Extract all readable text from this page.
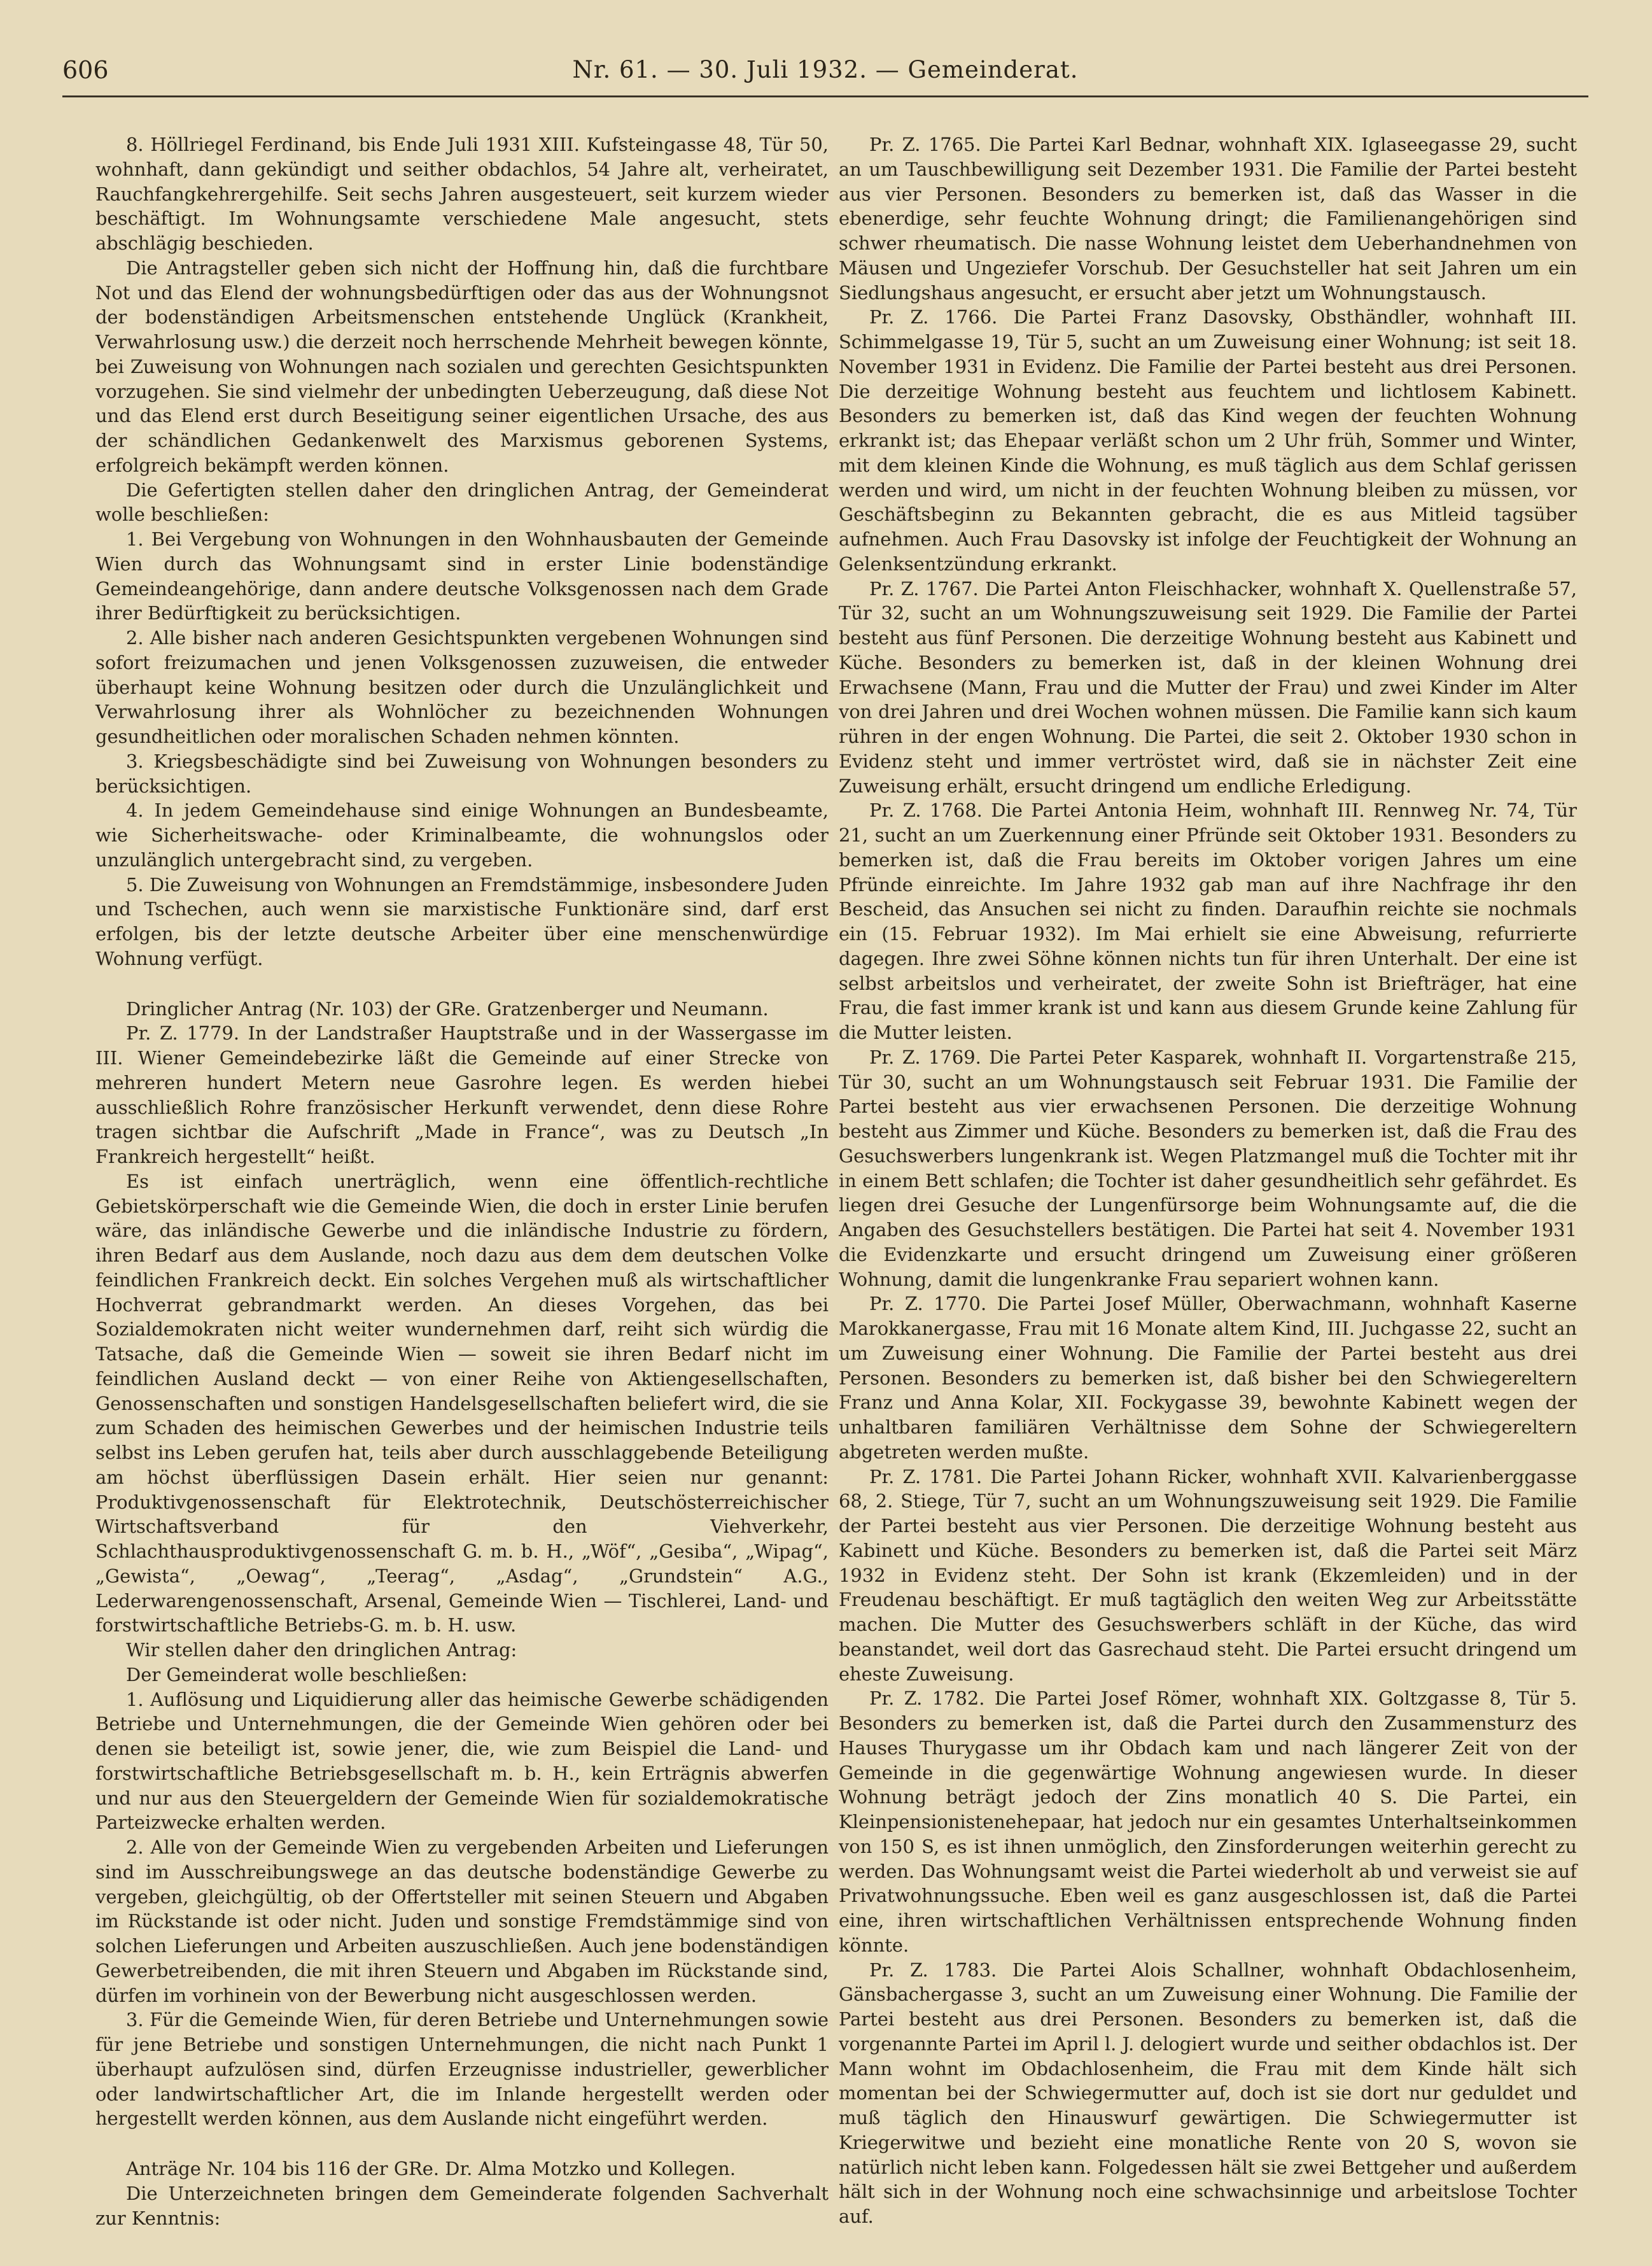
606	Nr. 61. — 30. Juli 1932. — Gemeinderat.

8. Höllriegel Ferdinand, bis Ende Juli 1931 XIII. Kufsteingasse 48, Tür 50, wohnhaft, dann gekündigt und seither obdachlos, 54 Jahre alt, verheiratet, Rauchfangkehrergehilfe. Seit sechs Jahren ausgesteuert, seit kurzem wieder beschäftigt. Im Wohnungsamte verschiedene Male angesucht, stets abschlägig beschieden.

Die Antragsteller geben sich nicht der Hoffnung hin, daß die furchtbare Not und das Elend der wohnungsbedürftigen oder das aus der Wohnungsnot der bodenständigen Arbeitsmenschen entstehende Unglück (Krankheit, Verwahrlosung usw.) die derzeit noch herrschende Mehrheit bewegen könnte, bei Zuweisung von Wohnungen nach sozialen und gerechten Gesichtspunkten vorzugehen. Sie sind vielmehr der unbedingten Ueberzeugung, daß diese Not und das Elend erst durch Beseitigung seiner eigentlichen Ursache, des aus der schändlichen Gedankenwelt des Marxismus geborenen Systems, erfolgreich bekämpft werden können.

Die Gefertigten stellen daher den dringlichen Antrag, der Gemeinderat wolle beschließen:

1. Bei Vergebung von Wohnungen in den Wohnhausbauten der Gemeinde Wien durch das Wohnungsamt sind in erster Linie bodenständige Gemeindeangehörige, dann andere deutsche Volksgenossen nach dem Grade ihrer Bedürftigkeit zu berücksichtigen.

2. Alle bisher nach anderen Gesichtspunkten vergebenen Wohnungen sind sofort freizumachen und jenen Volksgenossen zuzuweisen, die entweder überhaupt keine Wohnung besitzen oder durch die Unzulänglichkeit und Verwahrlosung ihrer als Wohnlöcher zu bezeichnenden Wohnungen gesundheitlichen oder moralischen Schaden nehmen könnten.

3. Kriegsbeschädigte sind bei Zuweisung von Wohnungen besonders zu berücksichtigen.

4. In jedem Gemeindehause sind einige Wohnungen an Bundesbeamte, wie Sicherheitswache- oder Kriminalbeamte, die wohnungslos oder unzulänglich untergebracht sind, zu vergeben.

5. Die Zuweisung von Wohnungen an Fremdstämmige, insbesondere Juden und Tschechen, auch wenn sie marxistische Funktionäre sind, darf erst erfolgen, bis der letzte deutsche Arbeiter über eine menschenwürdige Wohnung verfügt.

Dringlicher Antrag (Nr. 103) der GRe. Gratzenberger und Neumann.

Pr. Z. 1779. In der Landstraßer Hauptstraße und in der Wassergasse im III. Wiener Gemeindebezirke läßt die Gemeinde auf einer Strecke von mehreren hundert Metern neue Gasrohre legen. Es werden hiebei ausschließlich Rohre französischer Herkunft verwendet, denn diese Rohre tragen sichtbar die Aufschrift „Made in France“, was zu Deutsch „In Frankreich hergestellt“ heißt.

Es ist einfach unerträglich, wenn eine öffentlich-rechtliche Gebietskörperschaft wie die Gemeinde Wien, die doch in erster Linie berufen wäre, das inländische Gewerbe und die inländische Industrie zu fördern, ihren Bedarf aus dem Auslande, noch dazu aus dem dem deutschen Volke feindlichen Frankreich deckt. Ein solches Vergehen muß als wirtschaftlicher Hochverrat gebrandmarkt werden. An dieses Vorgehen, das bei Sozialdemokraten nicht weiter wundernehmen darf, reiht sich würdig die Tatsache, daß die Gemeinde Wien — soweit sie ihren Bedarf nicht im feindlichen Ausland deckt — von einer Reihe von Aktiengesellschaften, Genossenschaften und sonstigen Handelsgesellschaften beliefert wird, die sie zum Schaden des heimischen Gewerbes und der heimischen Industrie teils selbst ins Leben gerufen hat, teils aber durch ausschlaggebende Beteiligung am höchst überflüssigen Dasein erhält. Hier seien nur genannt: Produktivgenossenschaft für Elektrotechnik, Deutschösterreichischer Wirtschaftsverband für den Viehverkehr, Schlachthausproduktivgenossenschaft G. m. b. H., „Wöf“, „Gesiba“, „Wipag“, „Gewista“, „Oewag“, „Teerag“, „Asdag“, „Grundstein“ A.G., Lederwarengenossenschaft, Arsenal, Gemeinde Wien — Tischlerei, Land- und forstwirtschaftliche Betriebs-G. m. b. H. usw.

Wir stellen daher den dringlichen Antrag:

Der Gemeinderat wolle beschließen:

1. Auflösung und Liquidierung aller das heimische Gewerbe schädigenden Betriebe und Unternehmungen, die der Gemeinde Wien gehören oder bei denen sie beteiligt ist, sowie jener, die, wie zum Beispiel die Land- und forstwirtschaftliche Betriebsgesellschaft m. b. H., kein Erträgnis abwerfen und nur aus den Steuergeldern der Gemeinde Wien für sozialdemokratische Parteizwecke erhalten werden.

2. Alle von der Gemeinde Wien zu vergebenden Arbeiten und Lieferungen sind im Ausschreibungswege an das deutsche bodenständige Gewerbe zu vergeben, gleichgültig, ob der Offertsteller mit seinen Steuern und Abgaben im Rückstande ist oder nicht. Juden und sonstige Fremdstämmige sind von solchen Lieferungen und Arbeiten auszuschließen. Auch jene bodenständigen Gewerbetreibenden, die mit ihren Steuern und Abgaben im Rückstande sind, dürfen im vorhinein von der Bewerbung nicht ausgeschlossen werden.

3. Für die Gemeinde Wien, für deren Betriebe und Unternehmungen sowie für jene Betriebe und sonstigen Unternehmungen, die nicht nach Punkt 1 überhaupt aufzulösen sind, dürfen Erzeugnisse industrieller, gewerblicher oder landwirtschaftlicher Art, die im Inlande hergestellt werden oder hergestellt werden können, aus dem Auslande nicht eingeführt werden.

Anträge Nr. 104 bis 116 der GRe. Dr. Alma Motzko und Kollegen.

Die Unterzeichneten bringen dem Gemeinderate folgenden Sachverhalt zur Kenntnis:

Pr. Z. 1765. Die Partei Karl Bednar, wohnhaft XIX. Iglaseegasse 29, sucht an um Tauschbewilligung seit Dezember 1931. Die Familie der Partei besteht aus vier Personen. Besonders zu bemerken ist, daß das Wasser in die ebenerdige, sehr feuchte Wohnung dringt; die Familienangehörigen sind schwer rheumatisch. Die nasse Wohnung leistet dem Ueberhandnehmen von Mäusen und Ungeziefer Vorschub. Der Gesuchsteller hat seit Jahren um ein Siedlungshaus angesucht, er ersucht aber jetzt um Wohnungstausch.

Pr. Z. 1766. Die Partei Franz Dasovsky, Obsthändler, wohnhaft III. Schimmelgasse 19, Tür 5, sucht an um Zuweisung einer Wohnung; ist seit 18. November 1931 in Evidenz. Die Familie der Partei besteht aus drei Personen. Die derzeitige Wohnung besteht aus feuchtem und lichtlosem Kabinett. Besonders zu bemerken ist, daß das Kind wegen der feuchten Wohnung erkrankt ist; das Ehepaar verläßt schon um 2 Uhr früh, Sommer und Winter, mit dem kleinen Kinde die Wohnung, es muß täglich aus dem Schlaf gerissen werden und wird, um nicht in der feuchten Wohnung bleiben zu müssen, vor Geschäftsbeginn zu Bekannten gebracht, die es aus Mitleid tagsüber aufnehmen. Auch Frau Dasovsky ist infolge der Feuchtigkeit der Wohnung an Gelenksentzündung erkrankt.

Pr. Z. 1767. Die Partei Anton Fleischhacker, wohnhaft X. Quellenstraße 57, Tür 32, sucht an um Wohnungszuweisung seit 1929. Die Familie der Partei besteht aus fünf Personen. Die derzeitige Wohnung besteht aus Kabinett und Küche. Besonders zu bemerken ist, daß in der kleinen Wohnung drei Erwachsene (Mann, Frau und die Mutter der Frau) und zwei Kinder im Alter von drei Jahren und drei Wochen wohnen müssen. Die Familie kann sich kaum rühren in der engen Wohnung. Die Partei, die seit 2. Oktober 1930 schon in Evidenz steht und immer vertröstet wird, daß sie in nächster Zeit eine Zuweisung erhält, ersucht dringend um endliche Erledigung.

Pr. Z. 1768. Die Partei Antonia Heim, wohnhaft III. Rennweg Nr. 74, Tür 21, sucht an um Zuerkennung einer Pfründe seit Oktober 1931. Besonders zu bemerken ist, daß die Frau bereits im Oktober vorigen Jahres um eine Pfründe einreichte. Im Jahre 1932 gab man auf ihre Nachfrage ihr den Bescheid, das Ansuchen sei nicht zu finden. Daraufhin reichte sie nochmals ein (15. Februar 1932). Im Mai erhielt sie eine Abweisung, refurrierte dagegen. Ihre zwei Söhne können nichts tun für ihren Unterhalt. Der eine ist selbst arbeitslos und verheiratet, der zweite Sohn ist Briefträger, hat eine Frau, die fast immer krank ist und kann aus diesem Grunde keine Zahlung für die Mutter leisten.

Pr. Z. 1769. Die Partei Peter Kasparek, wohnhaft II. Vorgartenstraße 215, Tür 30, sucht an um Wohnungstausch seit Februar 1931. Die Familie der Partei besteht aus vier erwachsenen Personen. Die derzeitige Wohnung besteht aus Zimmer und Küche. Besonders zu bemerken ist, daß die Frau des Gesuchswerbers lungenkrank ist. Wegen Platzmangel muß die Tochter mit ihr in einem Bett schlafen; die Tochter ist daher gesundheitlich sehr gefährdet. Es liegen drei Gesuche der Lungenfürsorge beim Wohnungsamte auf, die die Angaben des Gesuchstellers bestätigen. Die Partei hat seit 4. November 1931 die Evidenzkarte und ersucht dringend um Zuweisung einer größeren Wohnung, damit die lungenkranke Frau separiert wohnen kann.

Pr. Z. 1770. Die Partei Josef Müller, Oberwachmann, wohnhaft Kaserne Marokkanergasse, Frau mit 16 Monate altem Kind, III. Juchgasse 22, sucht an um Zuweisung einer Wohnung. Die Familie der Partei besteht aus drei Personen. Besonders zu bemerken ist, daß bisher bei den Schwiegereltern Franz und Anna Kolar, XII. Fockygasse 39, bewohnte Kabinett wegen der unhaltbaren familiären Verhältnisse dem Sohne der Schwiegereltern abgetreten werden mußte.

Pr. Z. 1781. Die Partei Johann Ricker, wohnhaft XVII. Kalvarienberggasse 68, 2. Stiege, Tür 7, sucht an um Wohnungszuweisung seit 1929. Die Familie der Partei besteht aus vier Personen. Die derzeitige Wohnung besteht aus Kabinett und Küche. Besonders zu bemerken ist, daß die Partei seit März 1932 in Evidenz steht. Der Sohn ist krank (Ekzemleiden) und in der Freudenau beschäftigt. Er muß tagtäglich den weiten Weg zur Arbeitsstätte machen. Die Mutter des Gesuchswerbers schläft in der Küche, das wird beanstandet, weil dort das Gasrechaud steht. Die Partei ersucht dringend um eheste Zuweisung.

Pr. Z. 1782. Die Partei Josef Römer, wohnhaft XIX. Goltzgasse 8, Tür 5. Besonders zu bemerken ist, daß die Partei durch den Zusammensturz des Hauses Thurygasse um ihr Obdach kam und nach längerer Zeit von der Gemeinde in die gegenwärtige Wohnung angewiesen wurde. In dieser Wohnung beträgt jedoch der Zins monatlich 40 S. Die Partei, ein Kleinpensionistenehepaar, hat jedoch nur ein gesamtes Unterhaltseinkommen von 150 S, es ist ihnen unmöglich, den Zinsforderungen weiterhin gerecht zu werden. Das Wohnungsamt weist die Partei wiederholt ab und verweist sie auf Privatwohnungssuche. Eben weil es ganz ausgeschlossen ist, daß die Partei eine, ihren wirtschaftlichen Verhältnissen entsprechende Wohnung finden könnte.

Pr. Z. 1783. Die Partei Alois Schallner, wohnhaft Obdachlosenheim, Gänsbachergasse 3, sucht an um Zuweisung einer Wohnung. Die Familie der Partei besteht aus drei Personen. Besonders zu bemerken ist, daß die vorgenannte Partei im April l. J. delogiert wurde und seither obdachlos ist. Der Mann wohnt im Obdachlosenheim, die Frau mit dem Kinde hält sich momentan bei der Schwiegermutter auf, doch ist sie dort nur geduldet und muß täglich den Hinauswurf gewärtigen. Die Schwiegermutter ist Kriegerwitwe und bezieht eine monatliche Rente von 20 S, wovon sie natürlich nicht leben kann. Folgedessen hält sie zwei Bettgeher und außerdem hält sich in der Wohnung noch eine schwachsinnige und arbeitslose Tochter auf.
